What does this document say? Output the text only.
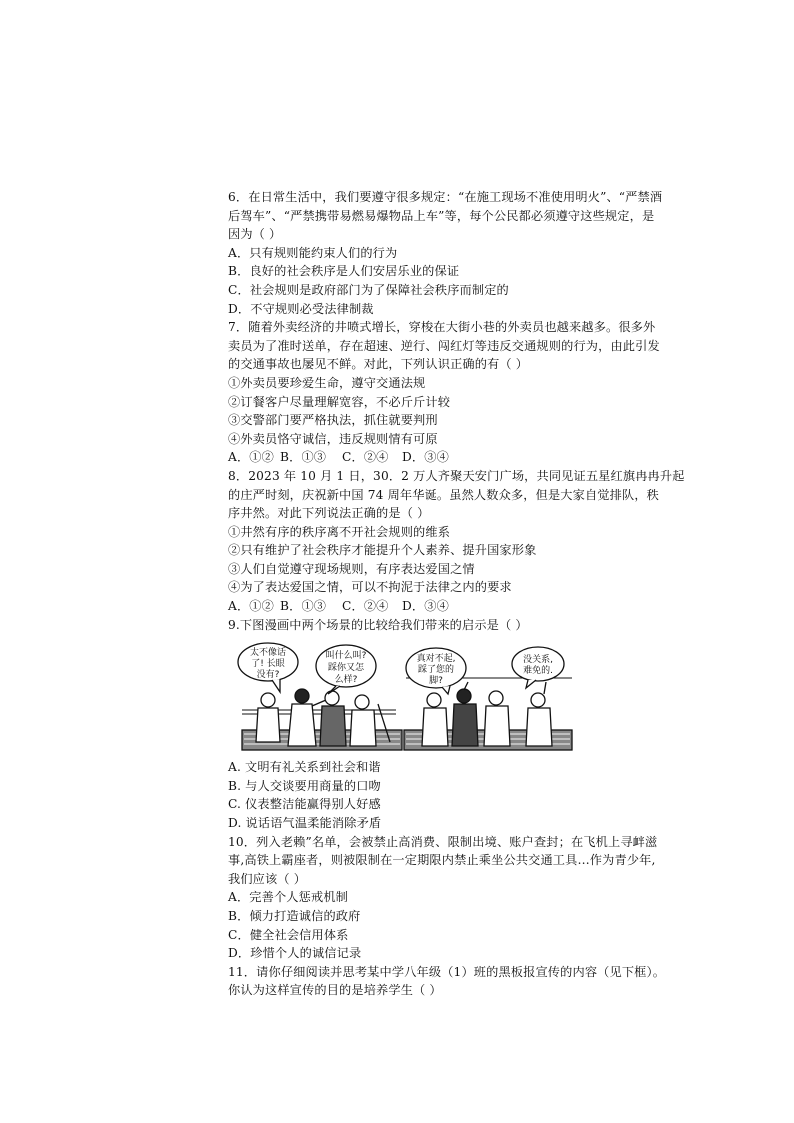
6．在日常生活中，我们要遵守很多规定：“在施工现场不准使用明火”、“严禁酒
后驾车”、“严禁携带易燃易爆物品上车”等，每个公民都必须遵守这些规定，是
因为（ ）
A．只有规则能约束人们的行为
B．良好的社会秩序是人们安居乐业的保证
C．社会规则是政府部门为了保障社会秩序而制定的
D．不守规则必受法律制裁
7．随着外卖经济的井喷式增长，穿梭在大街小巷的外卖员也越来越多。很多外
卖员为了准时送单，存在超速、逆行、闯红灯等违反交通规则的行为，由此引发
的交通事故也屡见不鲜。对此，下列认识正确的有（ ）
①外卖员要珍爱生命，遵守交通法规
②订餐客户尽量理解宽容，不必斤斤计较
③交警部门要严格执法，抓住就要判刑
④外卖员恪守诚信，违反规则情有可原
A．①② B．①③	C．②④	D．③④
8．2023 年 10 月 1 日，30．2 万人齐聚天安门广场，共同见证五星红旗冉冉升起
的庄严时刻，庆祝新中国 74 周年华诞。虽然人数众多，但是大家自觉排队，秩
序井然。对此下列说法正确的是（ ）
①井然有序的秩序离不开社会规则的维系
②只有维护了社会秩序才能提升个人素养、提升国家形象
③人们自觉遵守现场规则，有序表达爱国之情
④为了表达爱国之情，可以不拘泥于法律之内的要求
A．①② B．①③	C．②④	D．③④
9.下图漫画中两个场景的比较给我们带来的启示是（ ）
太不像话
了! 长眼
没有?
叫什么叫?
踩你又怎
么样?
真对不起,
踩了您的
脚?
没关系,
难免的.
A. 文明有礼关系到社会和谐
B. 与人交谈要用商量的口吻
C. 仪表整洁能赢得别人好感
D. 说话语气温柔能消除矛盾
10．列入老赖”名单，会被禁止高消费、限制出境、账户查封；在飞机上寻衅滋
事,高铁上霸座者，则被限制在一定期限内禁止乘坐公共交通工具…作为青少年,
我们应该（ ）
A．完善个人惩戒机制
B．倾力打造诚信的政府
C．健全社会信用体系
D．珍惜个人的诚信记录
11．请你仔细阅读并思考某中学八年级（1）班的黑板报宣传的内容（见下框）。
你认为这样宣传的目的是培养学生（ ）
